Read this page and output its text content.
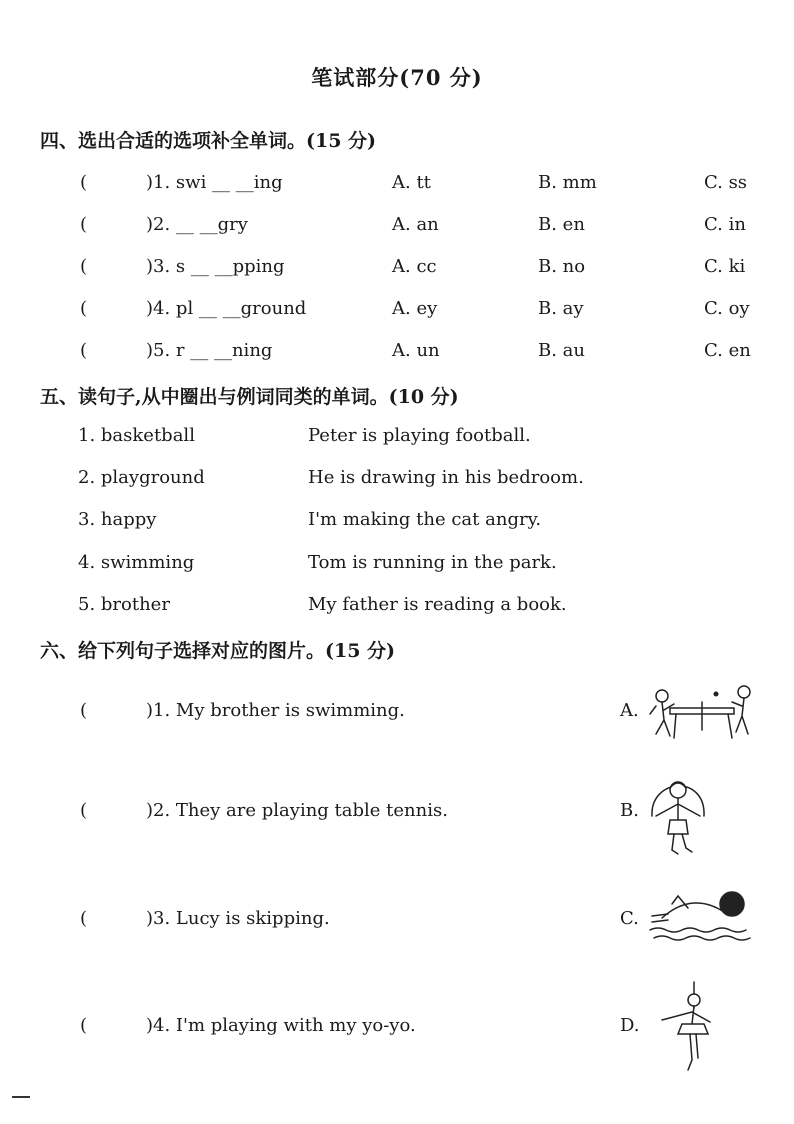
笔试部分(70 分)
四、选出合适的选项补全单词。(15 分)
(	)1. swi __ __ing	A. tt	B. mm	C. ss
(	)2. __ __gry	A. an	B. en	C. in
(	)3. s __ __pping	A. cc	B. no	C. ki
(	)4. pl __ __ground	A. ey	B. ay	C. oy
(	)5. r __ __ning	A. un	B. au	C. en
五、读句子,从中圈出与例词同类的单词。(10 分)
1. basketball	Peter is playing football.
2. playground	He is drawing in his bedroom.
3. happy	I'm making the cat angry.
4. swimming	Tom is running in the park.
5. brother	My father is reading a book.
六、给下列句子选择对应的图片。(15 分)
(	)1. My brother is swimming.	A.
(	)2. They are playing table tennis.	B.
(	)3. Lucy is skipping.	C.
(	)4. I'm playing with my yo-yo.	D.
